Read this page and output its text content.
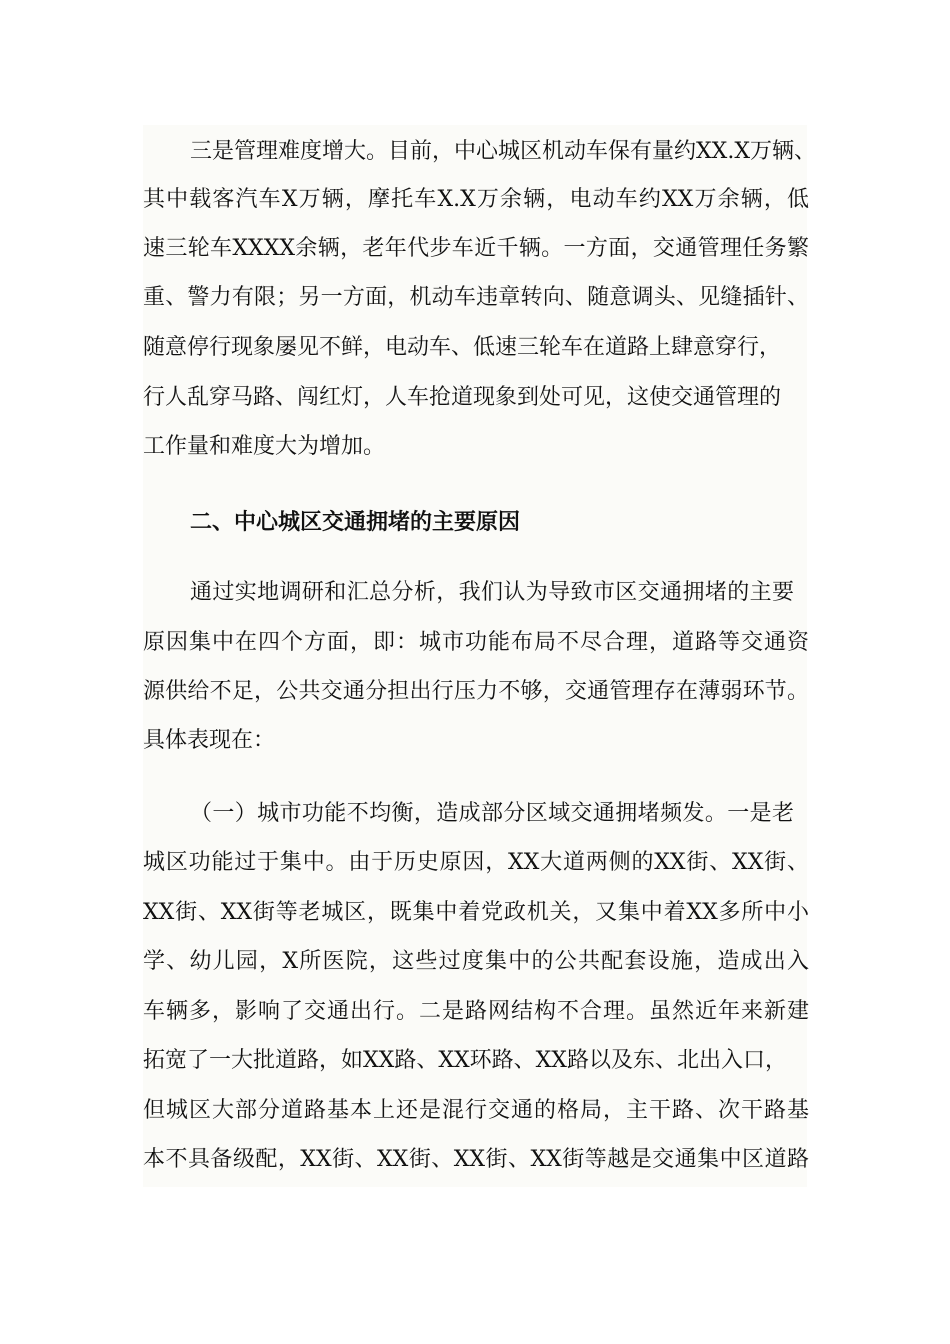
三是管理难度增大。目前，中心城区机动车保有量约XX.X万辆、
其中载客汽车X万辆，摩托车X.X万余辆，电动车约XX万余辆，低
速三轮车XXXX余辆，老年代步车近千辆。一方面，交通管理任务繁
重、警力有限；另一方面，机动车违章转向、随意调头、见缝插针、
随意停行现象屡见不鲜，电动车、低速三轮车在道路上肆意穿行，
行人乱穿马路、闯红灯，人车抢道现象到处可见，这使交通管理的
工作量和难度大为增加。
二、中心城区交通拥堵的主要原因
通过实地调研和汇总分析，我们认为导致市区交通拥堵的主要
原因集中在四个方面，即：城市功能布局不尽合理，道路等交通资
源供给不足，公共交通分担出行压力不够，交通管理存在薄弱环节。
具体表现在：
（一）城市功能不均衡，造成部分区域交通拥堵频发。一是老
城区功能过于集中。由于历史原因，XX大道两侧的XX街、XX街、
XX街、XX街等老城区，既集中着党政机关，又集中着XX多所中小
学、幼儿园，X所医院，这些过度集中的公共配套设施，造成出入
车辆多，影响了交通出行。二是路网结构不合理。虽然近年来新建
拓宽了一大批道路，如XX路、XX环路、XX路以及东、北出入口，
但城区大部分道路基本上还是混行交通的格局，主干路、次干路基
本不具备级配，XX街、XX街、XX街、XX街等越是交通集中区道路
